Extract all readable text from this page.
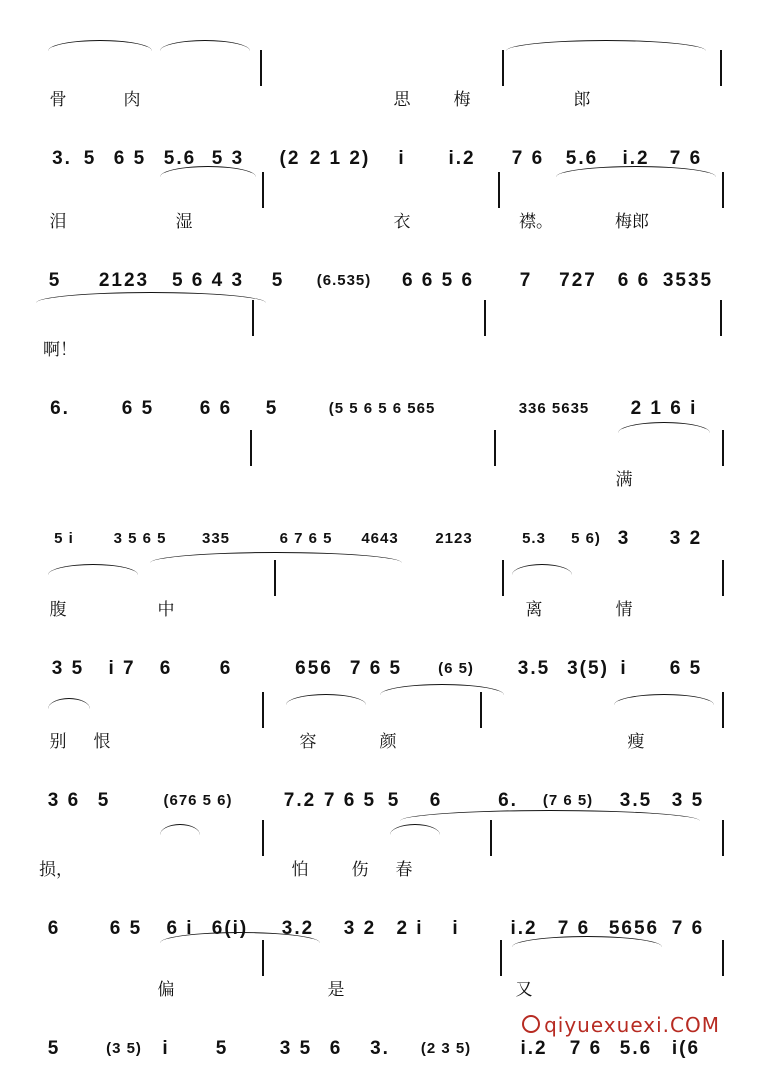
3. 5 6 5 5.6 5 3 (2 2 1 2) i i.2 7 6 5.6 i.2 7 6
骨	肉	思	梅	郎
5 2123 5 6 4 3 5 (6.535) 6 6 5 6 7 727 6 6 3535
泪	湿	衣	襟。	梅郎
6.	6 5 6 6 5	(5 5 6 5 6 565	336 5635 2 1 6 i
啊！
5 i	3 5 6 5 335	6 7 6 5 4643 2123	5.3 5 6) 3 3 2
满
3 5 i 7 6 6	656 7 6 5 (6 5) 3.5 3(5) i 6 5
腹	中	离	情
3 6 5	(676 5 6)	7.2 7 6 5 5 6	6. (7 6 5) 3.5 3 5
别 恨	容	颜	瘦
6	6 5 6 i 6(i) 3.2 3 2 2 i i	i.2 7 6 5656 7 6
损，	怕	伤 春
5	(3 5) i 5	3 5 6 3. (2 3 5)	i.2 7 6 5.6 i(6
偏	是	又
qiyuexuexi.COM
